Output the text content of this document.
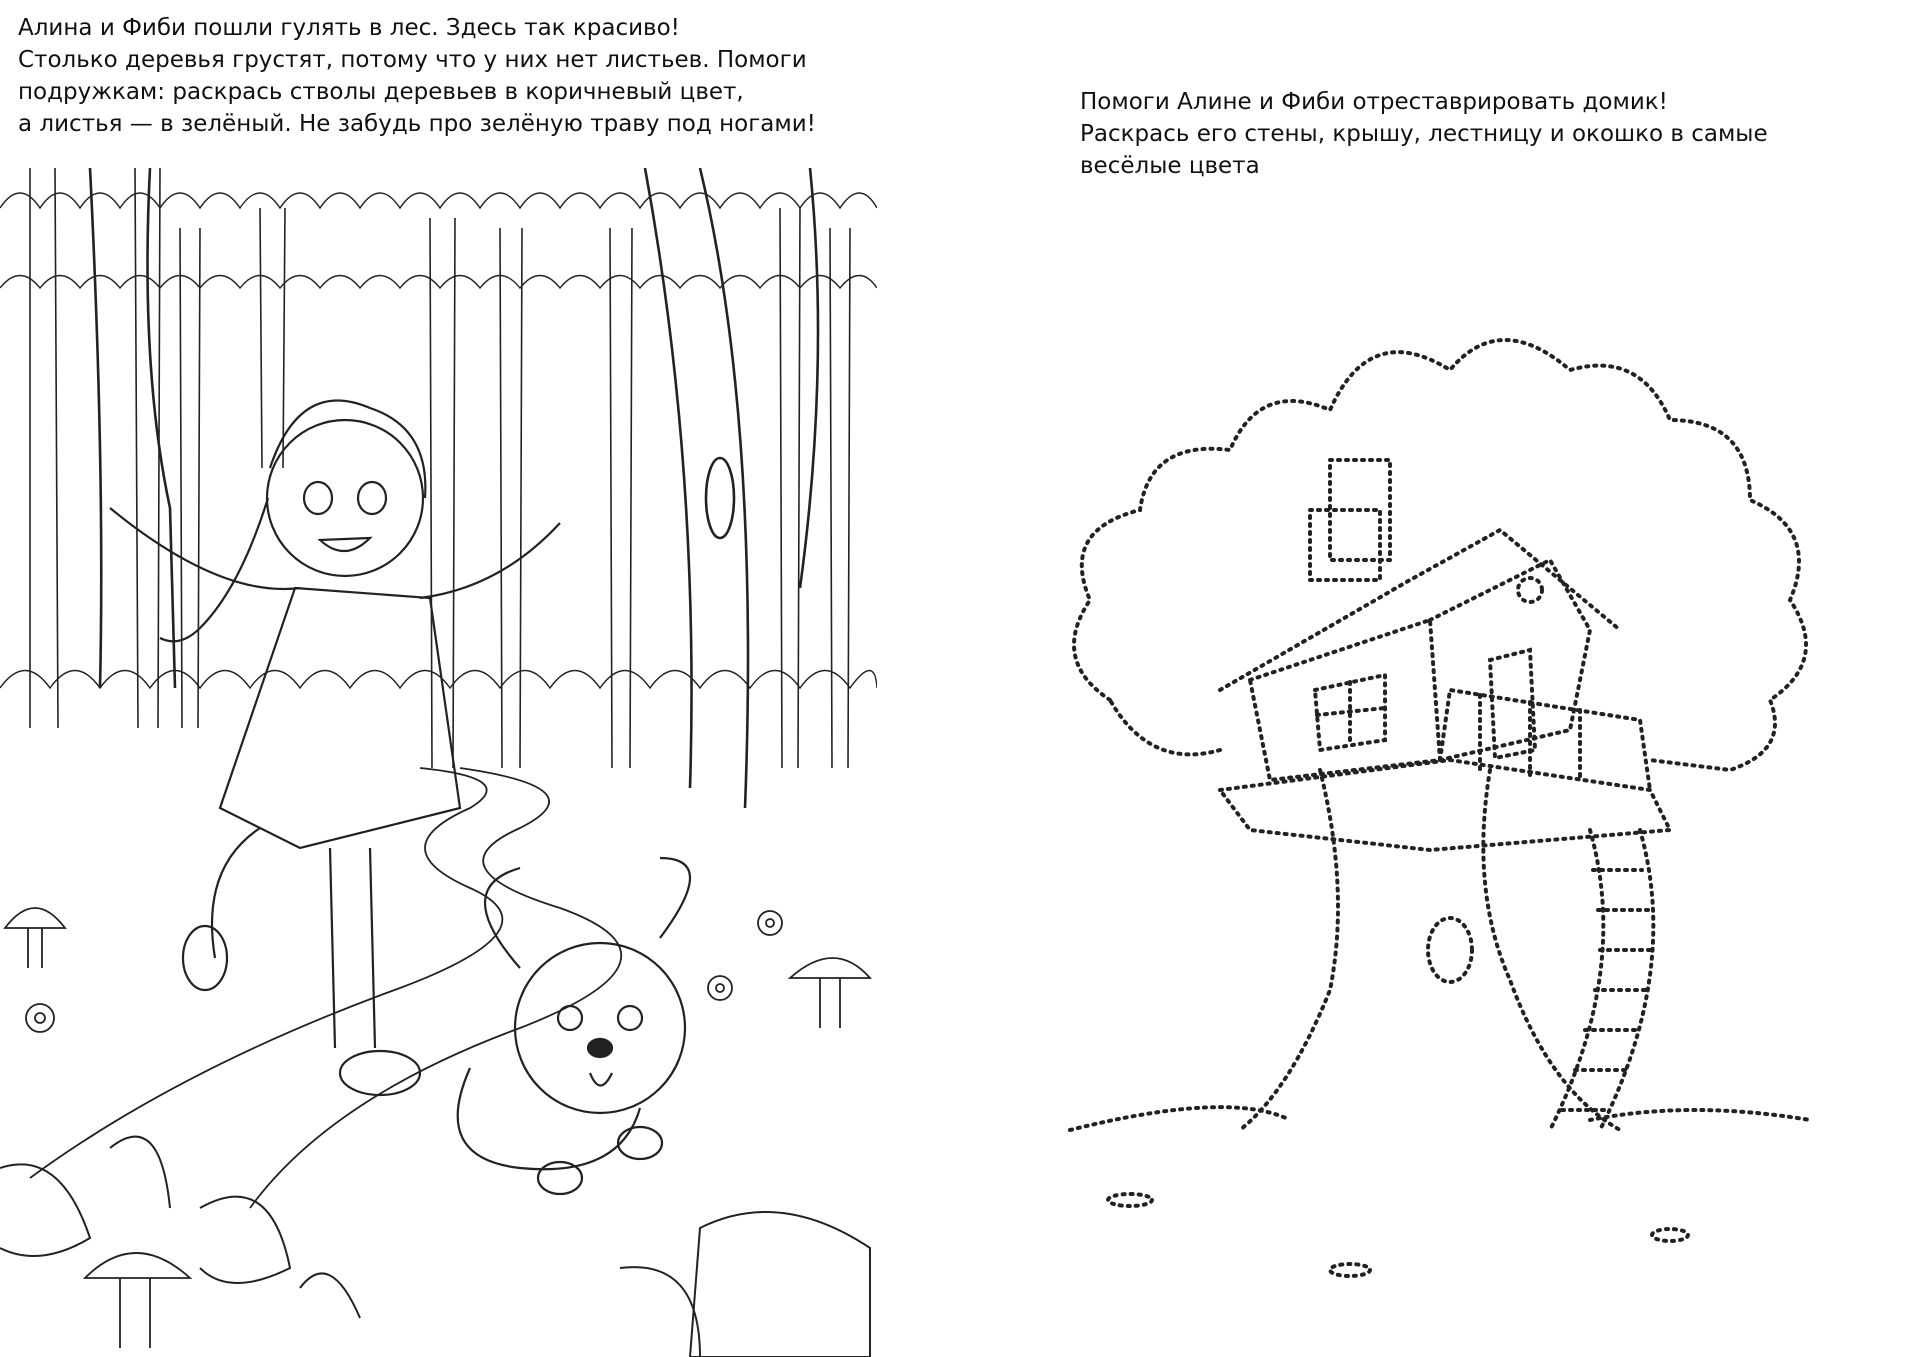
Алина и Фиби пошли гулять в лес. Здесь так красиво!
Столько деревья грустят, потому что у них нет листьев. Помоги
подружкам: раскрась стволы деревьев в коричневый цвет,
а листья — в зелёный. Не забудь про зелёную траву под ногами!
Помоги Алине и Фиби отреставрировать домик!
Раскрась его стены, крышу, лестницу и окошко в самые
весёлые цвета
